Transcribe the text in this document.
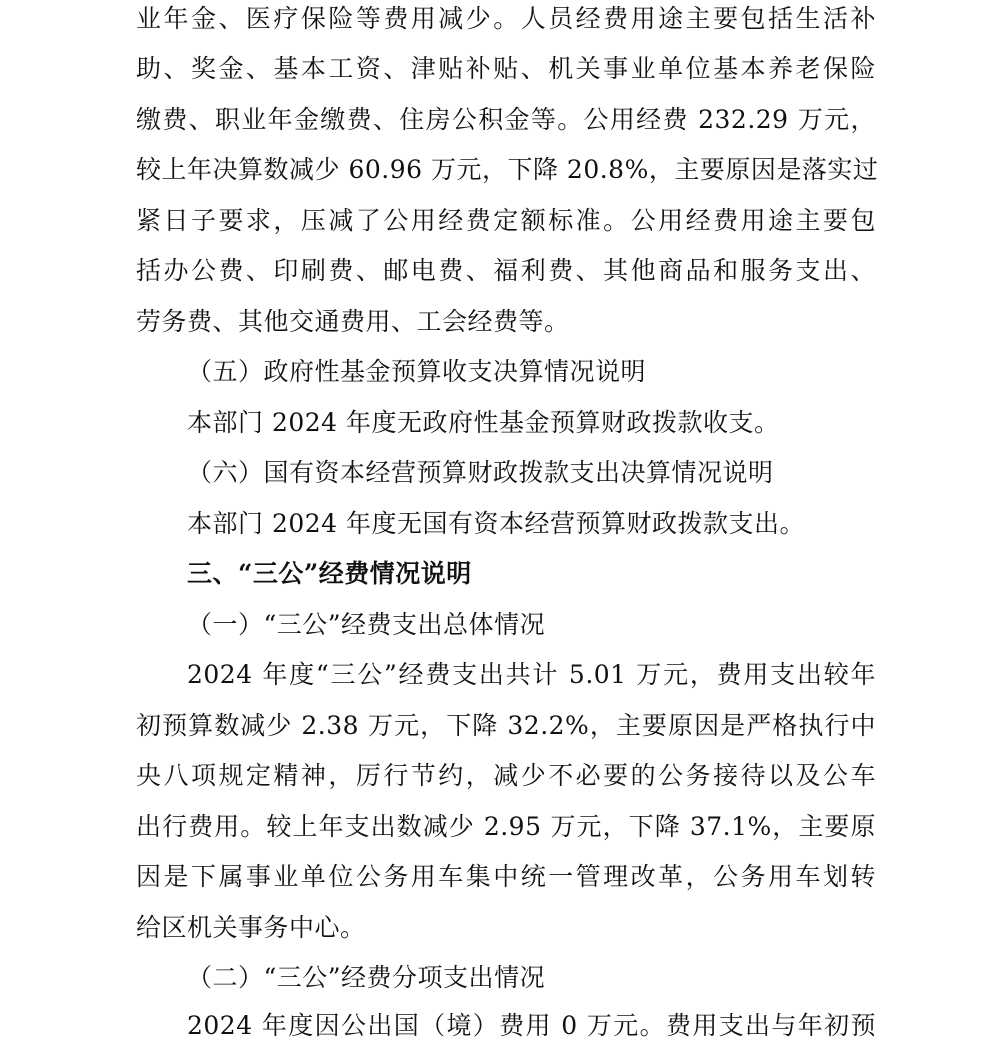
业年金、医疗保险等费用减少。人员经费用途主要包括生活补
助、奖金、基本工资、津贴补贴、机关事业单位基本养老保险
缴费、职业年金缴费、住房公积金等。公用经费 232.29 万元，
较上年决算数减少 60.96 万元，下降 20.8%，主要原因是落实过
紧日子要求，压减了公用经费定额标准。公用经费用途主要包
括办公费、印刷费、邮电费、福利费、其他商品和服务支出、
劳务费、其他交通费用、工会经费等。
（五）政府性基金预算收支决算情况说明
本部门 2024 年度无政府性基金预算财政拨款收支。
（六）国有资本经营预算财政拨款支出决算情况说明
本部门 2024 年度无国有资本经营预算财政拨款支出。
三、“三公”经费情况说明
（一）“三公”经费支出总体情况
2024 年度“三公”经费支出共计 5.01 万元，费用支出较年
初预算数减少 2.38 万元，下降 32.2%，主要原因是严格执行中
央八项规定精神，厉行节约，减少不必要的公务接待以及公车
出行费用。较上年支出数减少 2.95 万元，下降 37.1%，主要原
因是下属事业单位公务用车集中统一管理改革，公务用车划转
给区机关事务中心。
（二）“三公”经费分项支出情况
2024 年度因公出国（境）费用 0 万元。费用支出与年初预
